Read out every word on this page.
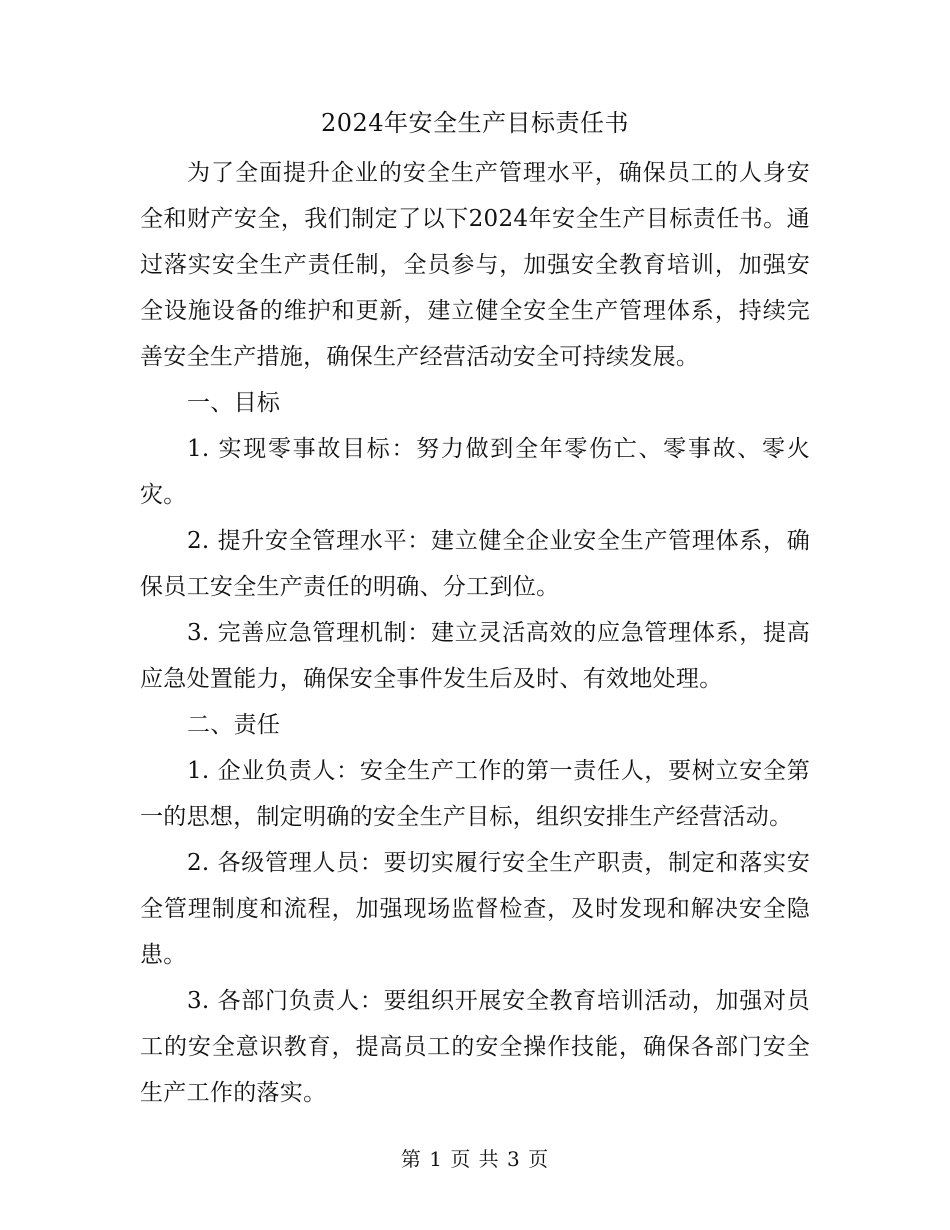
2024年安全生产目标责任书

为了全面提升企业的安全生产管理水平，确保员工的人身安全和财产安全，我们制定了以下2024年安全生产目标责任书。通过落实安全生产责任制，全员参与，加强安全教育培训，加强安全设施设备的维护和更新，建立健全安全生产管理体系，持续完善安全生产措施，确保生产经营活动安全可持续发展。

一、目标

1. 实现零事故目标：努力做到全年零伤亡、零事故、零火灾。

2. 提升安全管理水平：建立健全企业安全生产管理体系，确保员工安全生产责任的明确、分工到位。

3. 完善应急管理机制：建立灵活高效的应急管理体系，提高应急处置能力，确保安全事件发生后及时、有效地处理。

二、责任

1. 企业负责人：安全生产工作的第一责任人，要树立安全第一的思想，制定明确的安全生产目标，组织安排生产经营活动。

2. 各级管理人员：要切实履行安全生产职责，制定和落实安全管理制度和流程，加强现场监督检查，及时发现和解决安全隐患。

3. 各部门负责人：要组织开展安全教育培训活动，加强对员工的安全意识教育，提高员工的安全操作技能，确保各部门安全生产工作的落实。

第 1 页 共 3 页
